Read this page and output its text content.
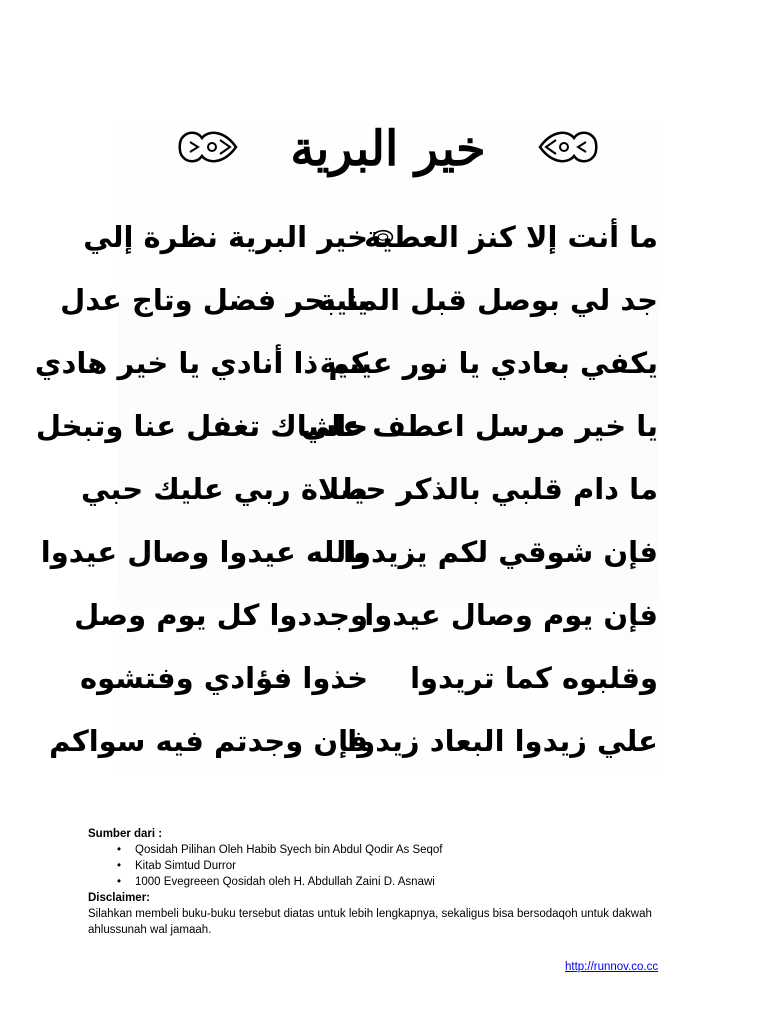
خير البرية
خير البرية نظرة إلي
ما أنت إلا كنز العطية
يا بحر فضل وتاج عدل
جد لي بوصل قبل المنية
كم ذا أنادي يا خير هادي
يكفي بعادي يا نور عينية
حاشاك تغفل عنا وتبخل
يا خير مرسل اعطف علي
صلاة ربي عليك حبي
ما دام قلبي بالذكر حيا
بالله عيدوا وصال عيدوا
فإن شوقي لكم يزيدوا
وجددوا كل يوم وصل
فإن يوم وصال عيدوا
خذوا فؤادي وفتشوه	وقلبوه كما تريدوا
فإن وجدتم فيه سواكم
علي زيدوا البعاد زيدوا
Sumber dari :
• Qosidah Pilihan Oleh Habib Syech bin Abdul Qodir As Seqof
• Kitab Simtud Durror
• 1000 Evegreeen Qosidah oleh H. Abdullah Zaini D. Asnawi
Disclaimer:
Silahkan membeli buku-buku tersebut diatas untuk lebih lengkapnya, sekaligus bisa bersodaqoh untuk dakwah ahlussunah wal jamaah.
http://runnov.co.cc
